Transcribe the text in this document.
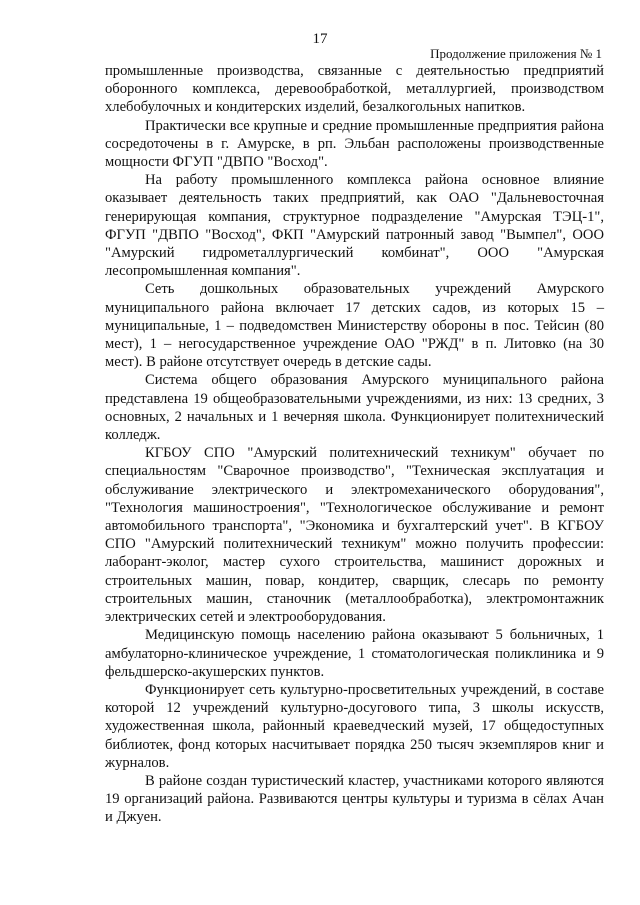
17
Продолжение приложения № 1

промышленные производства, связанные с деятельностью предприятий оборонного комплекса, деревообработкой, металлургией, производством хлебобулочных и кондитерских изделий, безалкогольных напитков.

Практически все крупные и средние промышленные предприятия района сосредоточены в г. Амурске, в рп. Эльбан расположены производственные мощности ФГУП "ДВПО "Восход".

На работу промышленного комплекса района основное влияние оказывает деятельность таких предприятий, как ОАО "Дальневосточная генерирующая компания, структурное подразделение "Амурская ТЭЦ-1", ФГУП "ДВПО "Восход", ФКП "Амурский патронный завод "Вымпел", ООО "Амурский гидрометаллургический комбинат", ООО "Амурская лесопромышленная компания".

Сеть дошкольных образовательных учреждений Амурского муниципального района включает 17 детских садов, из которых 15 – муниципальные, 1 – подведомствен Министерству обороны в пос. Тейсин (80 мест), 1 – негосударственное учреждение ОАО "РЖД" в п. Литовко (на 30 мест). В районе отсутствует очередь в детские сады.

Система общего образования Амурского муниципального района представлена 19 общеобразовательными учреждениями, из них: 13 средних, 3 основных, 2 начальных и 1 вечерняя школа. Функционирует политехнический колледж.

КГБОУ СПО "Амурский политехнический техникум" обучает по специальностям "Сварочное производство", "Техническая эксплуатация и обслуживание электрического и электромеханического оборудования", "Технология машиностроения", "Технологическое обслуживание и ремонт автомобильного транспорта", "Экономика и бухгалтерский учет". В КГБОУ СПО "Амурский политехнический техникум" можно получить профессии: лаборант-эколог, мастер сухого строительства, машинист дорожных и строительных машин, повар, кондитер, сварщик, слесарь по ремонту строительных машин, станочник (металлообработка), электромонтажник электрических сетей и электрооборудования.

Медицинскую помощь населению района оказывают 5 больничных, 1 амбулаторно-клиническое учреждение, 1 стоматологическая поликлиника и 9 фельдшерско-акушерских пунктов.

Функционирует сеть культурно-просветительных учреждений, в составе которой 12 учреждений культурно-досугового типа, 3 школы искусств, художественная школа, районный краеведческий музей, 17 общедоступных библиотек, фонд которых насчитывает порядка 250 тысяч экземпляров книг и журналов.

В районе создан туристический кластер, участниками которого являются 19 организаций района. Развиваются центры культуры и туризма в сёлах Ачан и Джуен.
